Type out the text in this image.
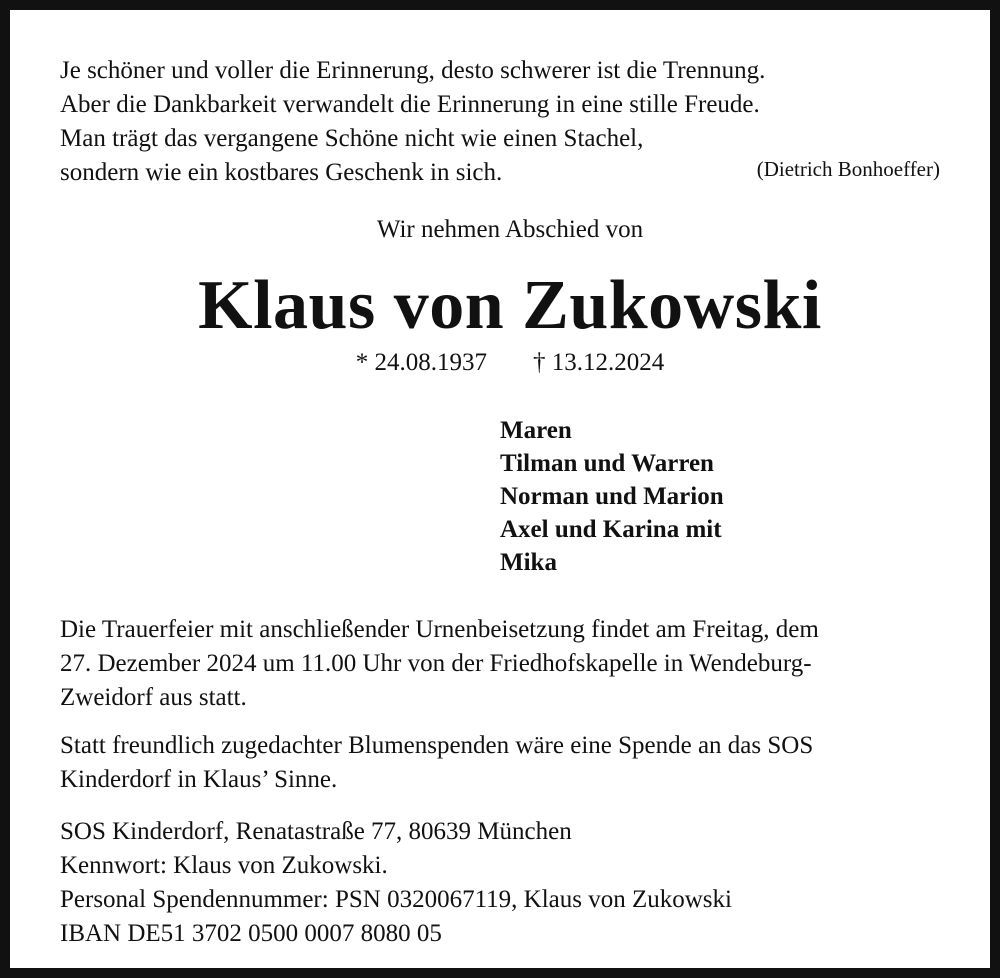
Je schöner und voller die Erinnerung, desto schwerer ist die Trennung.
Aber die Dankbarkeit verwandelt die Erinnerung in eine stille Freude.
Man trägt das vergangene Schöne nicht wie einen Stachel,
sondern wie ein kostbares Geschenk in sich.	(Dietrich Bonhoeffer)
Wir nehmen Abschied von
Klaus von Zukowski
* 24.08.1937 † 13.12.2024
Maren
Tilman und Warren
Norman und Marion
Axel und Karina mit
Mika
Die Trauerfeier mit anschließender Urnenbeisetzung findet am Freitag, dem
27. Dezember 2024 um 11.00 Uhr von der Friedhofskapelle in Wendeburg-
Zweidorf aus statt.
Statt freundlich zugedachter Blumenspenden wäre eine Spende an das SOS
Kinderdorf in Klaus’ Sinne.
SOS Kinderdorf, Renatastraße 77, 80639 München
Kennwort: Klaus von Zukowski.
Personal Spendennummer: PSN 0320067119, Klaus von Zukowski
IBAN DE51 3702 0500 0007 8080 05
